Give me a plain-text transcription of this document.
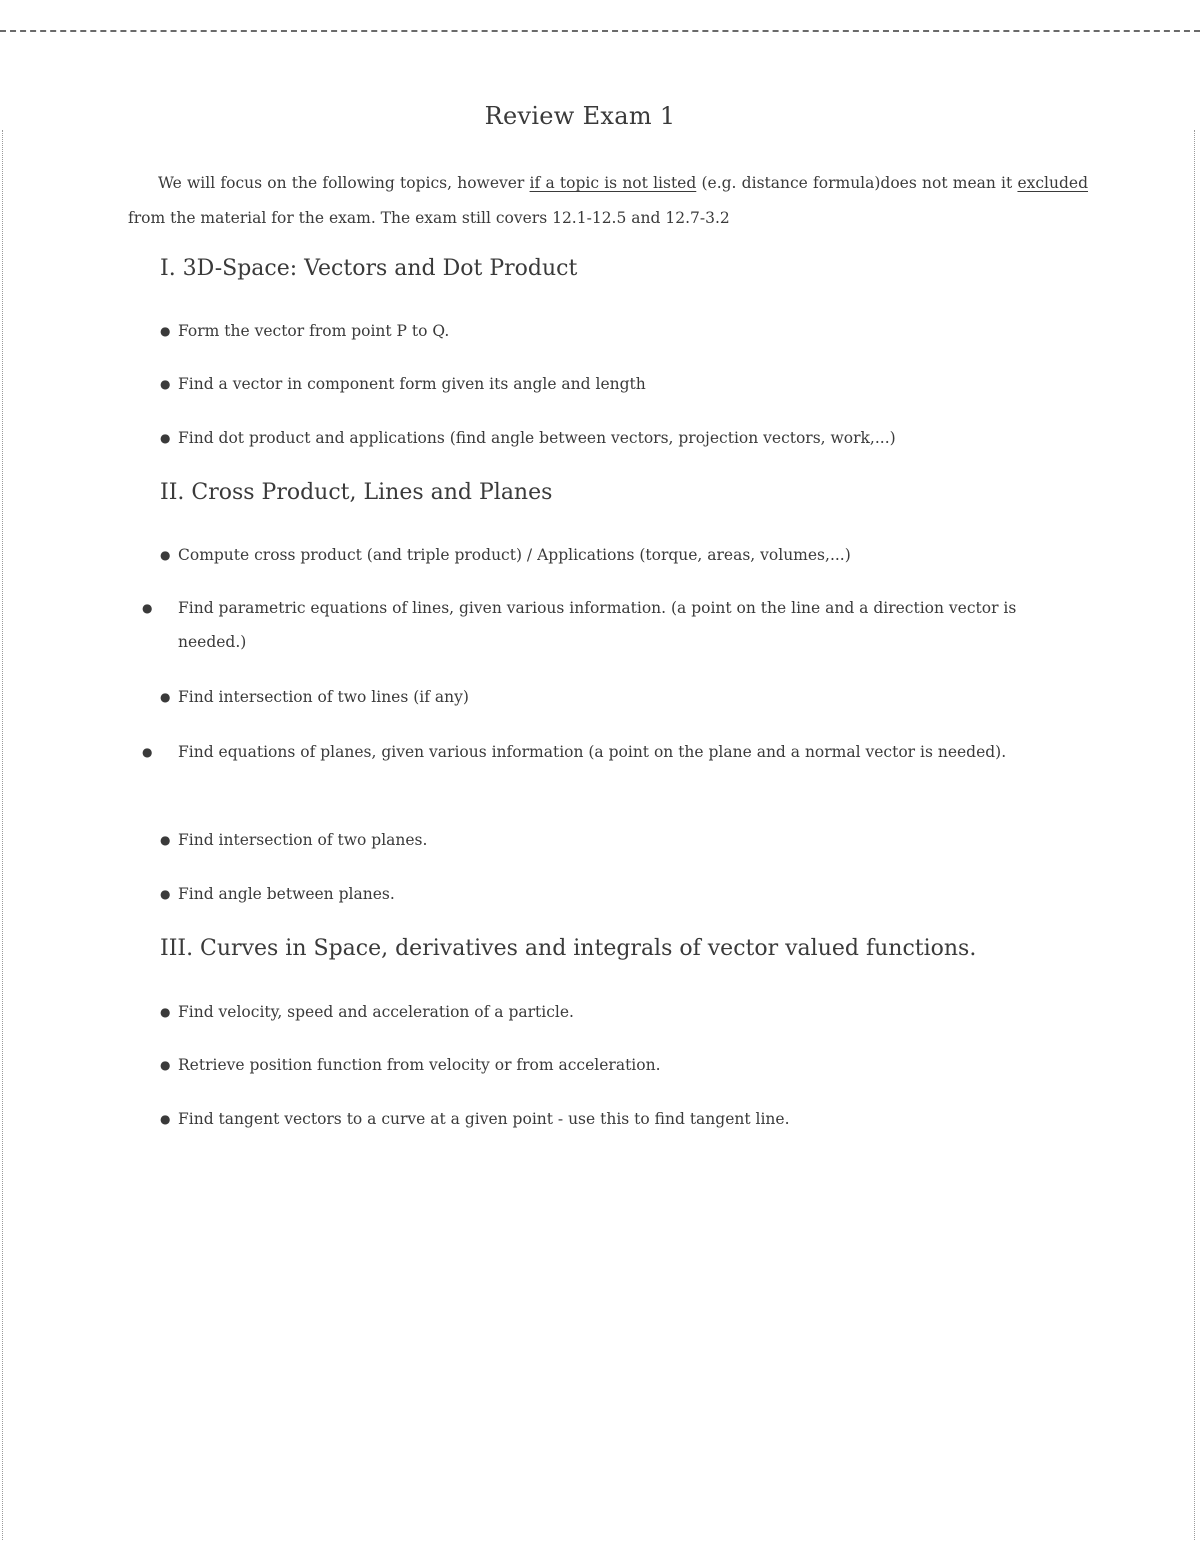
Review Exam 1

We will focus on the following topics, however if a topic is not listed (e.g. distance formula)does not mean it excluded from the material for the exam. The exam still covers 12.1-12.5 and 12.7-3.2

I. 3D-Space: Vectors and Dot Product

● Form the vector from point P to Q.

● Find a vector in component form given its angle and length

● Find dot product and applications (find angle between vectors, projection vectors, work,...)

II. Cross Product, Lines and Planes

● Compute cross product (and triple product) / Applications (torque, areas, volumes,...)

● Find parametric equations of lines, given various information. (a point on the line and a direction vector is needed.)

● Find intersection of two lines (if any)

● Find equations of planes, given various information (a point on the plane and a normal vector is needed).

● Find intersection of two planes.

● Find angle between planes.

III. Curves in Space, derivatives and integrals of vector valued functions.

● Find velocity, speed and acceleration of a particle.

● Retrieve position function from velocity or from acceleration.

● Find tangent vectors to a curve at a given point - use this to find tangent line.
